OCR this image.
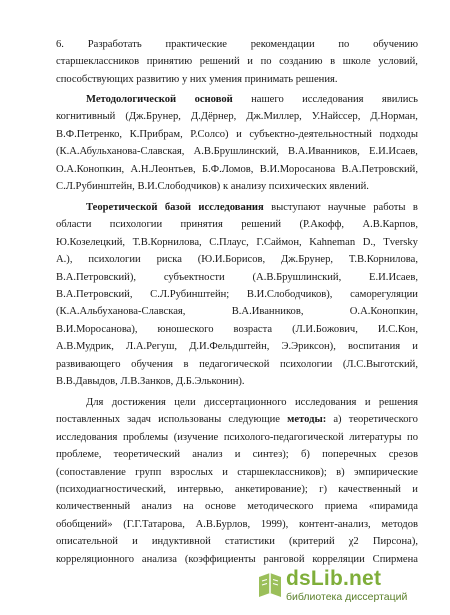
6. Разработать практические рекомендации по обучению
старшеклассников принятию решений и по созданию в школе условий,
способствующих развитию у них умения принимать решения.
Методологической основой нашего исследования явились
когнитивный (Дж.Брунер, Д.Дёрнер, Дж.Миллер, У.Найссер, Д.Норман,
В.Ф.Петренко, К.Прибрам, Р.Солсо) и субъектно-деятельностный подходы
(К.А.Абульханова-Славская, А.В.Брушлинский, В.А.Иванников, Е.И.Исаев,
О.А.Конопкин, А.Н.Леонтьев, Б.Ф.Ломов, В.И.Моросанова В.А.Петровский,
С.Л.Рубинштейн, В.И.Слободчиков) к анализу психических явлений.
Теоретической базой исследования выступают научные работы в
области психологии принятия решений (Р.Акофф, А.В.Карпов,
Ю.Козелецкий, Т.В.Корнилова, С.Плаус, Г.Саймон, Kahneman D., Tversky
A.), психологии риска (Ю.И.Борисов, Дж.Брунер, Т.В.Корнилова,
В.А.Петровский),	субъектности	(А.В.Брушлинский,	Е.И.Исаев,
В.А.Петровский, С.Л.Рубинштейн; В.И.Слободчиков), саморегуляции
(К.А.Альбуханова-Славская,	В.А.Иванников,	О.А.Конопкин,
В.И.Моросанова), юношеского возраста (Л.И.Божович, И.С.Кон,
А.В.Мудрик, Л.А.Регуш, Д.И.Фельдштейн, Э.Эриксон), воспитания и
развивающего обучения в педагогической психологии (Л.С.Выготский,
В.В.Давыдов, Л.В.Занков, Д.Б.Эльконин).
Для достижения цели диссертационного исследования и решения
поставленных задач использованы следующие методы: а) теоретического
исследования проблемы (изучение психолого-педагогической литературы по
проблеме, теоретический анализ и синтез); б) поперечных срезов
(сопоставление групп взрослых и старшеклассников); в) эмпирические
(психодиагностический, интервью, анкетирование); г) качественный и
количественный анализ на основе методического приема «пирамида
обобщений» (Г.Г.Татарова, А.В.Бурлов, 1999), контент-анализ, методов
описательной и индуктивной статистики (критерий χ2 Пирсона),
корреляционного анализа (коэффициенты ранговой корреляции Спирмена
dsLib.net
библиотека диссертаций
